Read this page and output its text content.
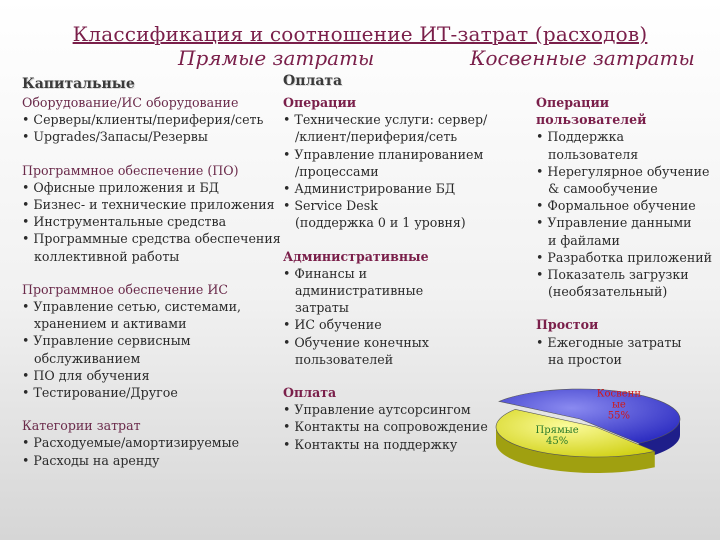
Классификация и соотношение ИТ-затрат (расходов)
Прямые затраты	Косвенные затраты
Капитальные	Оплата
Оборудование/ИС оборудование
• Серверы/клиенты/периферия/сеть
• Upgrades/Запасы/Резервы
Программное обеспечение (ПО)
• Офисные приложения и БД
• Бизнес- и технические приложения
• Инструментальные средства
• Программные средства обеспечения
коллективной работы
Программное обеспечение ИС
• Управление сетью, системами,
хранением и активами
• Управление сервисным
обслуживанием
• ПО для обучения
• Тестирование/Другое
Категории затрат
• Расходуемые/амортизируемые
• Расходы на аренду
Операции
• Технические услуги: сервер/
/клиент/периферия/сеть
• Управление планированием
/процессами
• Администрирование БД
• Service Desk
(поддержка 0 и 1 уровня)
Административные
• Финансы и
административные
затраты
• ИС обучение
• Обучение конечных
пользователей
Оплата
• Управление аутсорсингом
• Контакты на сопровождение
• Контакты на поддержку
Операции пользователей
• Поддержка
пользователя
• Нерегулярное обучение
& самообучение
• Формальное обучение
• Управление данными
и файлами
• Разработка приложений
• Показатель загрузки
(необязательный)
Простои
• Ежегодные затраты
на простои
Косвенн ые 55%
Прямые 45%
